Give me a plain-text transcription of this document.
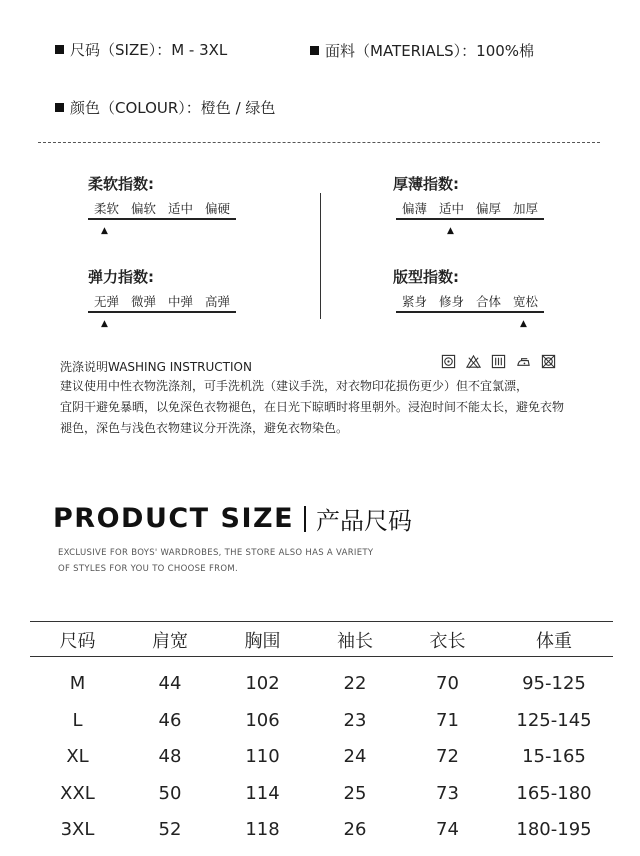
尺码（SIZE）：M - 3XL	面料（MATERIALS）：100%棉
颜色（COLOUR）：橙色 / 绿色
柔软指数:
柔软 偏软 适中 偏硬
▲
厚薄指数:
偏薄 适中 偏厚 加厚
▲
弹力指数:
无弹 微弹 中弹 高弹
▲
版型指数:
紧身 修身 合体 宽松
▲
洗涤说明WASHING INSTRUCTION
建议使用中性衣物洗涤剂，可手洗机洗（建议手洗，对衣物印花损伤更少）但不宜氯漂，
宜阴干避免暴晒，以免深色衣物褪色，在日光下晾晒时将里朝外。浸泡时间不能太长，避免衣物
褪色，深色与浅色衣物建议分开洗涤，避免衣物染色。
PRODUCT SIZE 产品尺码
EXCLUSIVE FOR BOYS' WARDROBES, THE STORE ALSO HAS A VARIETY
OF STYLES FOR YOU TO CHOOSE FROM.
尺码	肩宽	胸围	袖长	衣长	体重
M	44	102	22	70	95-125
L	46	106	23	71	125-145
XL	48	110	24	72	15-165
XXL	50	114	25	73	165-180
3XL	52	118	26	74	180-195
